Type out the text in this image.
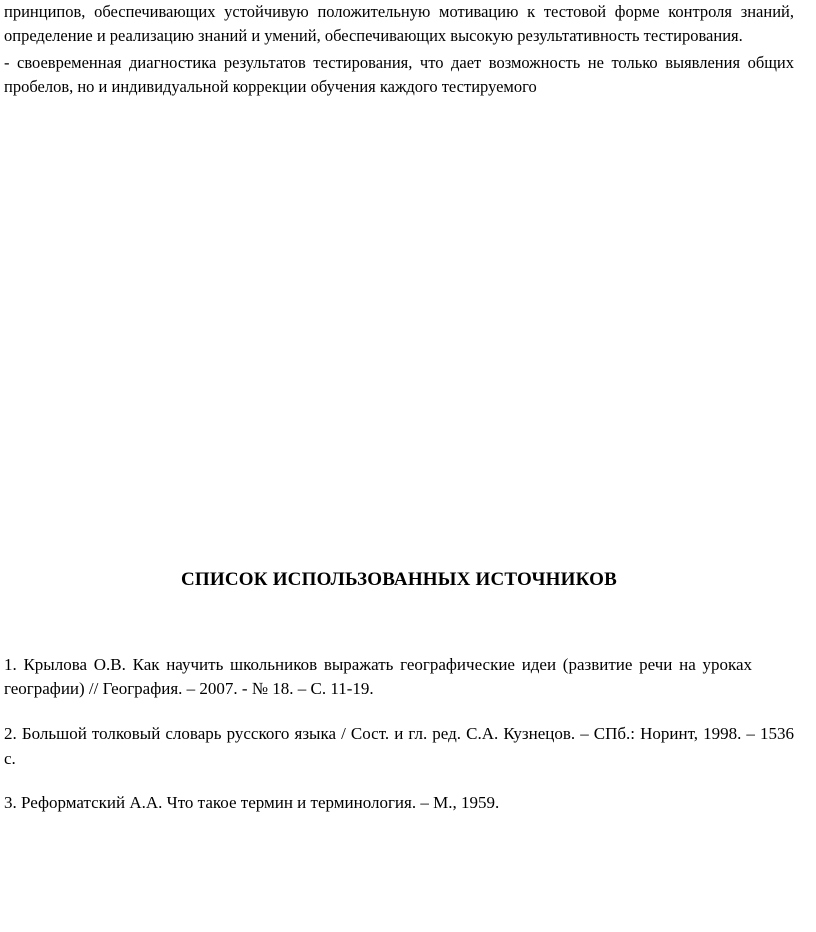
принципов, обеспечивающих устойчивую положительную мотивацию к тестовой форме контроля знаний, определение и реализацию знаний и умений, обеспечивающих высокую результативность тестирования.

- своевременная диагностика результатов тестирования, что дает возможность не только выявления общих пробелов, но и индивидуальной коррекции обучения каждого тестируемого

СПИСОК ИСПОЛЬЗОВАННЫХ ИСТОЧНИКОВ

1. Крылова О.В. Как научить школьников выражать географические идеи (развитие речи на урокахгеографии) // География. – 2007. - № 18. – С. 11-19.

2. Большой толковый словарь русского языка / Сост. и гл. ред. С.А. Кузнецов. – СПб.: Норинт, 1998. – 1536 с.

3. Реформатский А.А. Что такое термин и терминология. – М., 1959.
